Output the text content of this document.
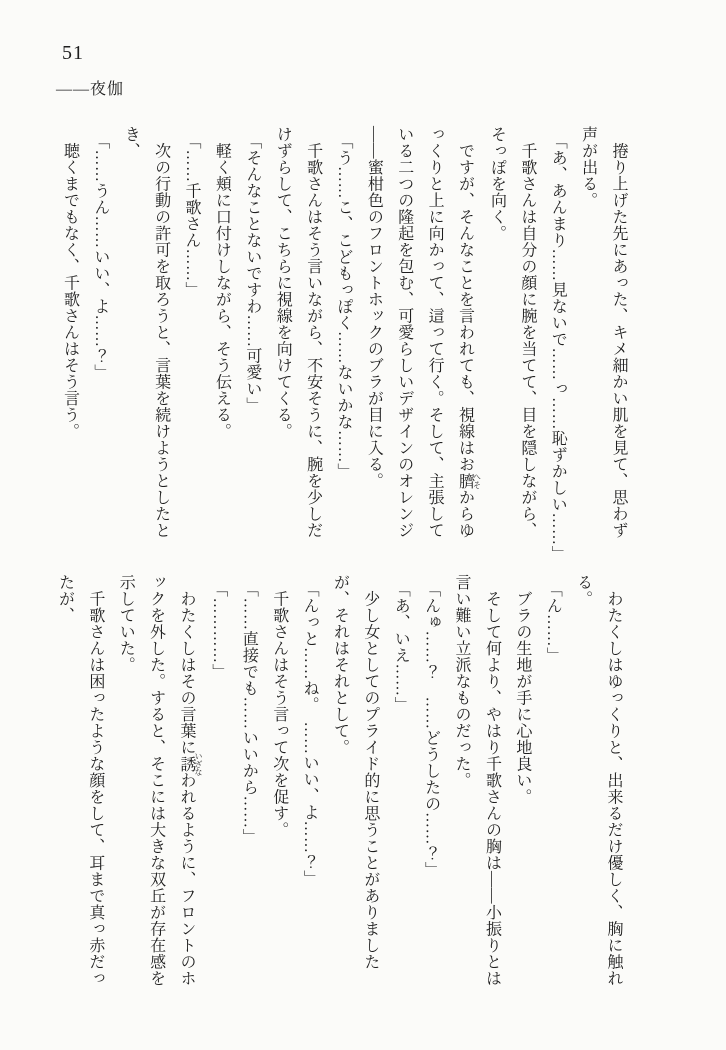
51
――夜伽

　捲り上げた先にあった、キメ細かい肌を見て、思わず

声が出る。

「あ、あんまり……見ないで……っ……恥ずかしい……」

　千歌さんは自分の顔に腕を当てて、目を隠しながら、

そっぽを向く。

　ですが、そんなことを言われても、視線はお臍 へそからゆ

っくりと上に向かって、這って行く。そして、主張して

いる二つの隆起を包む、可愛らしいデザインのオレンジ

――蜜柑色のフロントホックのブラが目に入る。

「う……こ、こどもっぽく……ないかな……」

　千歌さんはそう言いながら、不安そうに、腕を少しだ

けずらして、こちらに視線を向けてくる。

「そんなことないですわ……可愛い」

　軽く頬に口付けしながら、そう伝える。

「……千歌さん……」

　次の行動の許可を取ろうと、言葉を続けようとしたと

き、

「……うん……いい、よ……？」

　聴くまでもなく、千歌さんはそう言う。

　わたくしはゆっくりと、出来るだけ優しく、胸に触れ

る。

「ん……」

　ブラの生地が手に心地良い。

　そして何より、やはり千歌さんの胸は――小振りとは

言い難い立派なものだった。

「んゅ……？　……どうしたの……？」

「あ、いえ……」

　少し女としてのプライド的に思うことがありました

が、それはそれとして。

「んっと……ね。　……いい、よ……？」

　千歌さんはそう言って次を促す。

「……直接でも……いいから……」

「…………」

　わたくしはその言葉に誘 いざなわれるように、フロントのホ

ックを外した。すると、そこには大きな双丘が存在感を

示していた。

　千歌さんは困ったような顔をして、耳まで真っ赤だっ

たが、
